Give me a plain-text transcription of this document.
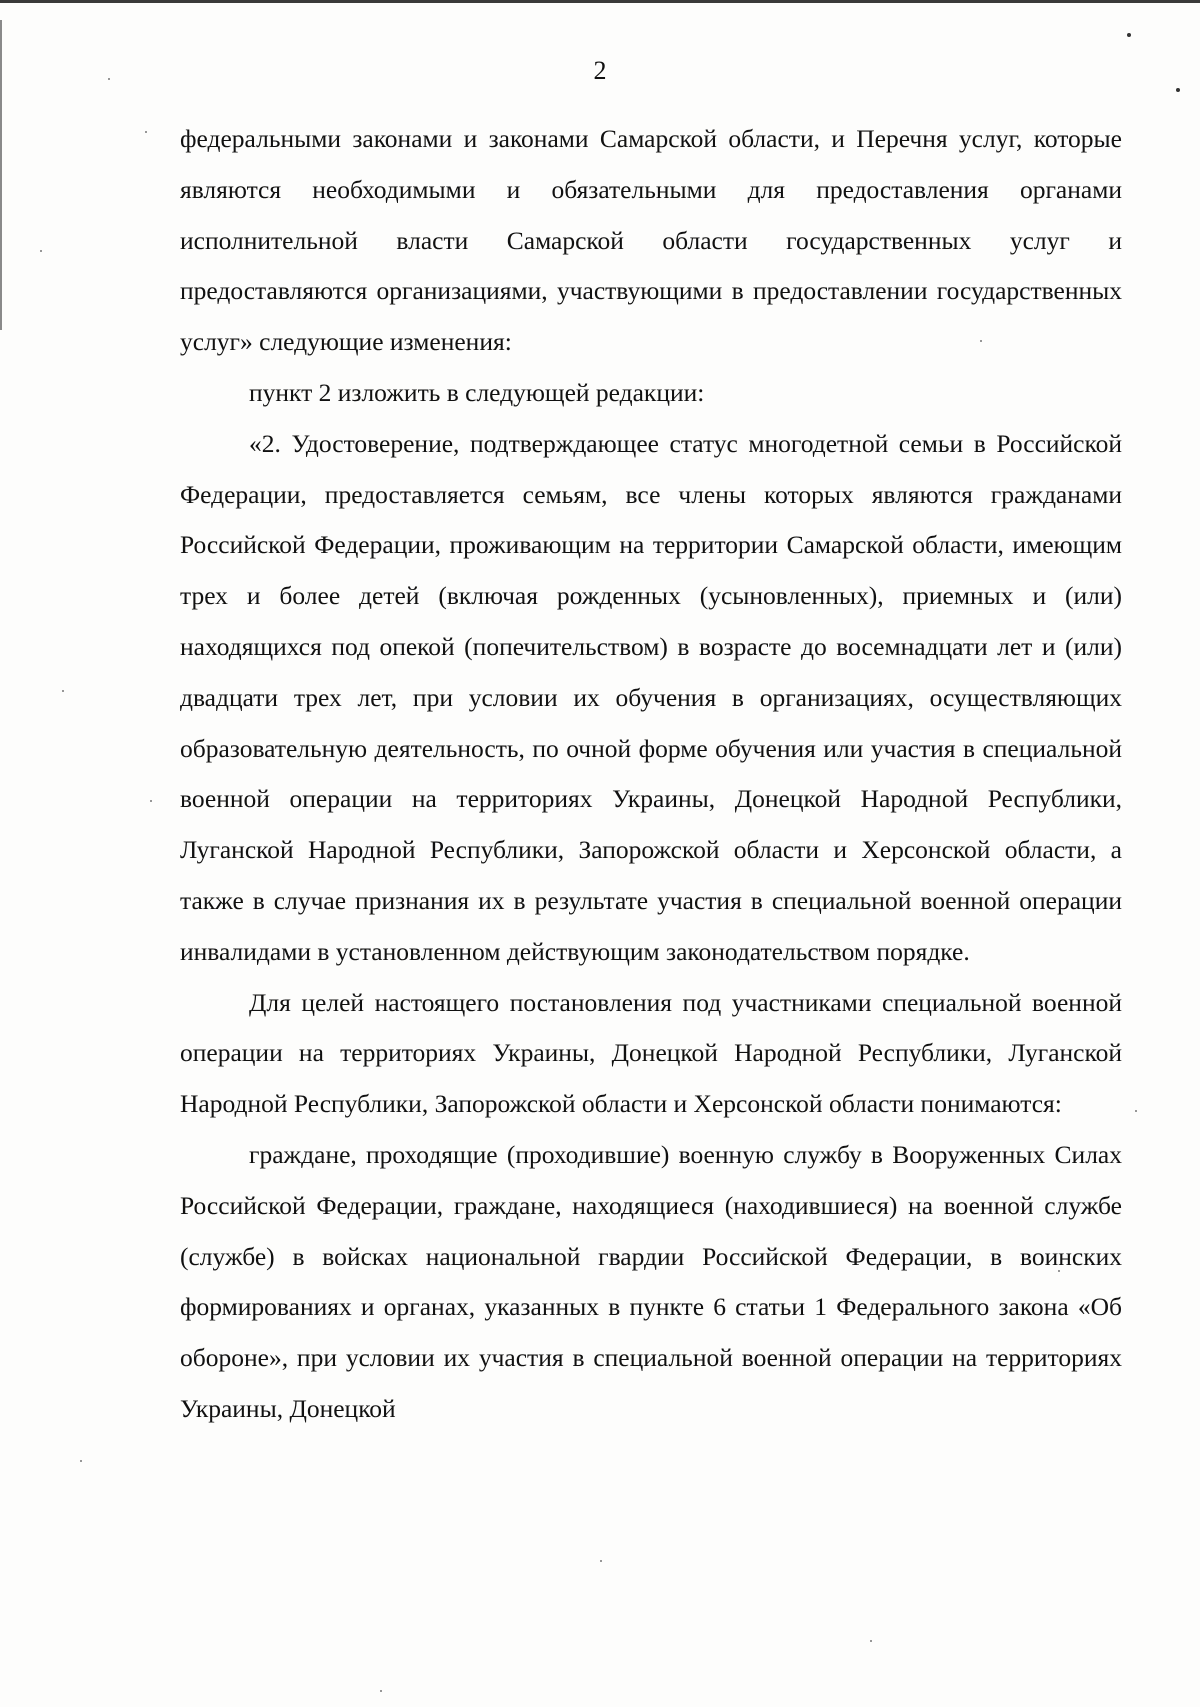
2

федеральными законами и законами Самарской области, и Перечня услуг, которые являются необходимыми и обязательными для предоставления органами исполнительной власти Самарской области государственных услуг и предоставляются организациями, участвующими в предоставлении государственных услуг» следующие изменения:

пункт 2 изложить в следующей редакции:

«2. Удостоверение, подтверждающее статус многодетной семьи в Российской Федерации, предоставляется семьям, все члены которых являются гражданами Российской Федерации, проживающим на территории Самарской области, имеющим трех и более детей (включая рожденных (усыновленных), приемных и (или) находящихся под опекой (попечительством) в возрасте до восемнадцати лет и (или) двадцати трех лет, при условии их обучения в организациях, осуществляющих образовательную деятельность, по очной форме обучения или участия в специальной военной операции на территориях Украины, Донецкой Народной Республики, Луганской Народной Республики, Запорожской области и Херсонской области, а также в случае признания их в результате участия в специальной военной операции инвалидами в установленном действующим законодательством порядке.

Для целей настоящего постановления под участниками специальной военной операции на территориях Украины, Донецкой Народной Республики, Луганской Народной Республики, Запорожской области и Херсонской области понимаются:

граждане, проходящие (проходившие) военную службу в Вооруженных Силах Российской Федерации, граждане, находящиеся (находившиеся) на военной службе (службе) в войсках национальной гвардии Российской Федерации, в воинских формированиях и органах, указанных в пункте 6 статьи 1 Федерального закона «Об обороне», при условии их участия в специальной военной операции на территориях Украины, Донецкой
